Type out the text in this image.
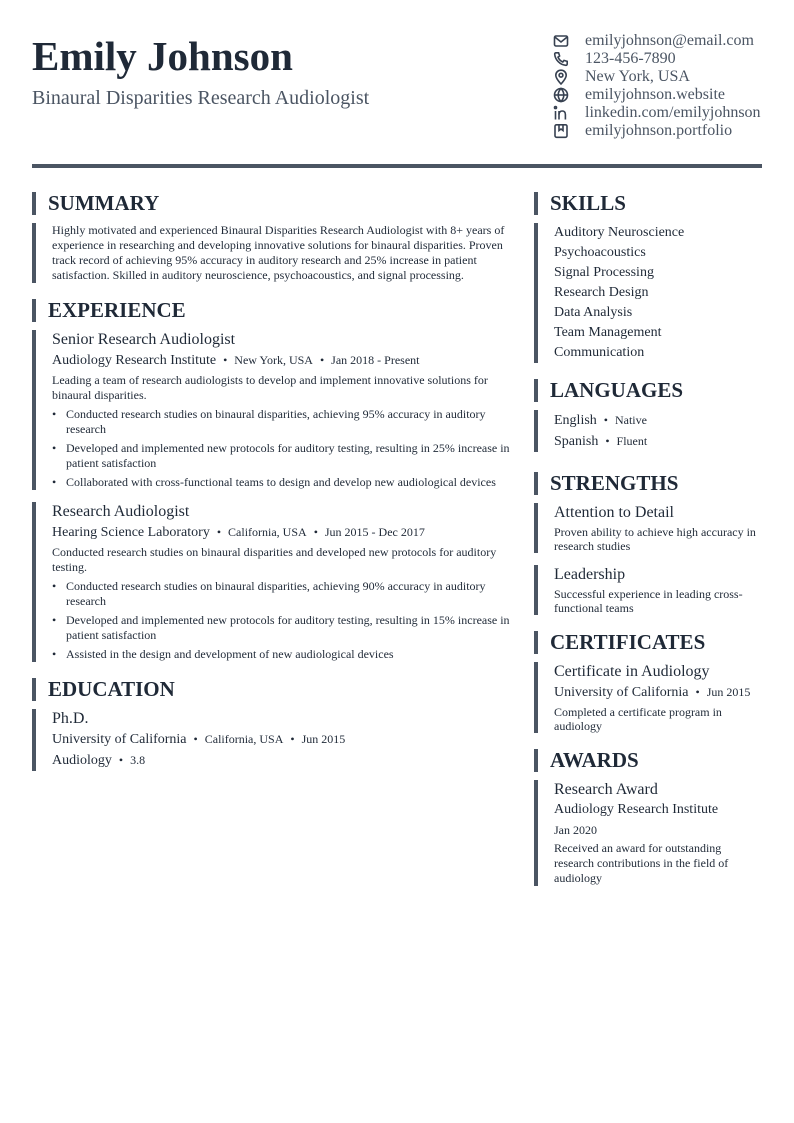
Emily Johnson
Binaural Disparities Research Audiologist
emilyjohnson@email.com
123-456-7890
New York, USA
emilyjohnson.website
linkedin.com/emilyjohnson
emilyjohnson.portfolio
SUMMARY
Highly motivated and experienced Binaural Disparities Research Audiologist with 8+ years of experience in researching and developing innovative solutions for binaural disparities. Proven track record of achieving 95% accuracy in auditory research and 25% increase in patient satisfaction. Skilled in auditory neuroscience, psychoacoustics, and signal processing.
EXPERIENCE
Senior Research Audiologist
Audiology Research Institute • New York, USA • Jan 2018 - Present
Leading a team of research audiologists to develop and implement innovative solutions for binaural disparities.
• Conducted research studies on binaural disparities, achieving 95% accuracy in auditory research
• Developed and implemented new protocols for auditory testing, resulting in 25% increase in patient satisfaction
• Collaborated with cross-functional teams to design and develop new audiological devices
Research Audiologist
Hearing Science Laboratory • California, USA • Jun 2015 - Dec 2017
Conducted research studies on binaural disparities and developed new protocols for auditory testing.
• Conducted research studies on binaural disparities, achieving 90% accuracy in auditory research
• Developed and implemented new protocols for auditory testing, resulting in 15% increase in patient satisfaction
• Assisted in the design and development of new audiological devices
EDUCATION
Ph.D.
University of California • California, USA • Jun 2015
Audiology • 3.8
SKILLS
Auditory Neuroscience
Psychoacoustics
Signal Processing
Research Design
Data Analysis
Team Management
Communication
LANGUAGES
English • Native
Spanish • Fluent
STRENGTHS
Attention to Detail
Proven ability to achieve high accuracy in research studies
Leadership
Successful experience in leading cross-functional teams
CERTIFICATES
Certificate in Audiology
University of California • Jun 2015
Completed a certificate program in audiology
AWARDS
Research Award
Audiology Research Institute
Jan 2020
Received an award for outstanding research contributions in the field of audiology
